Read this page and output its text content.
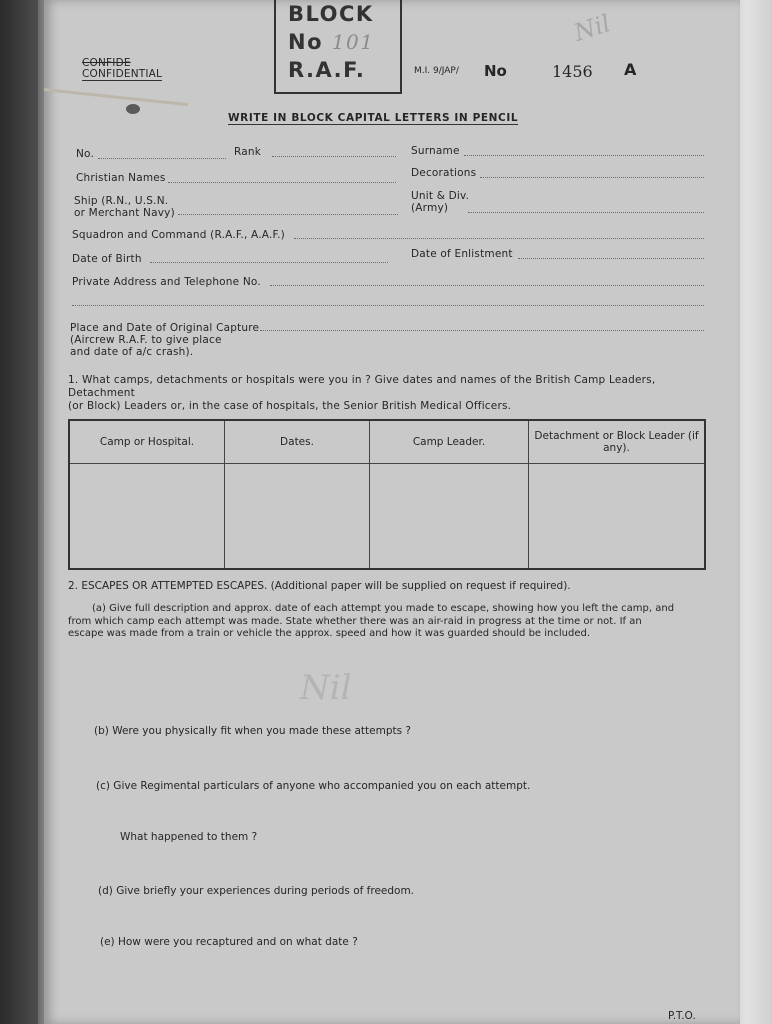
CONFIDE
CONFIDENTIAL
BLOCK
No 101
R.A.F.	M.I. 9/JAP/ No	1456 A
Nil
WRITE IN BLOCK CAPITAL LETTERS IN PENCIL
No.	Rank	Surname
Christian Names	Decorations
Ship (R.N., U.S.N.
or Merchant Navy)
Unit & Div.
(Army)
Squadron and Command (R.A.F., A.A.F.)
Date of Birth	Date of Enlistment
Private Address and Telephone No.
Place and Date of Original Capture
(Aircrew R.A.F. to give place
and date of a/c crash).
1. What camps, detachments or hospitals were you in ? Give dates and names of the British Camp Leaders, Detachment
(or Block) Leaders or, in the case of hospitals, the Senior British Medical Officers.
Camp or Hospital.	Dates.	Camp Leader.	Detachment or Block Leader (if any).

2. ESCAPES OR ATTEMPTED ESCAPES. (Additional paper will be supplied on request if required).
(a) Give full description and approx. date of each attempt you made to escape, showing how you left the camp, and
from which camp each attempt was made. State whether there was an air-raid in progress at the time or not. If an
escape was made from a train or vehicle the approx. speed and how it was guarded should be included.
Nil
(b) Were you physically fit when you made these attempts ?
(c) Give Regimental particulars of anyone who accompanied you on each attempt.
What happened to them ?
(d) Give briefly your experiences during periods of freedom.
(e) How were you recaptured and on what date ?
P.T.O.
